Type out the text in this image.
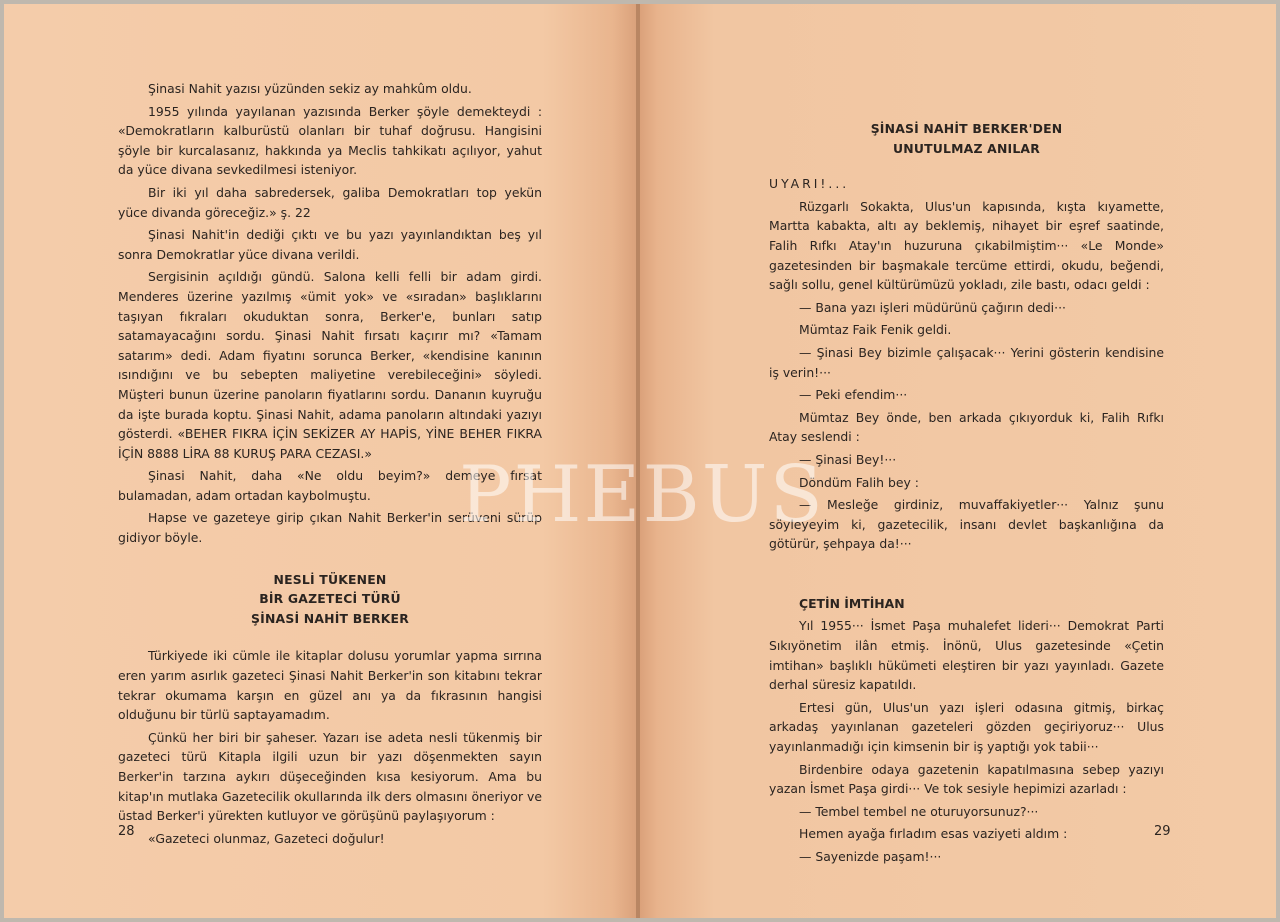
Şinasi Nahit yazısı yüzünden sekiz ay mahkûm oldu.

1955 yılında yayılanan yazısında Berker şöyle demekteydi : «Demokratların kalburüstü olanları bir tuhaf doğrusu. Hangisini şöyle bir kurcalasanız, hakkında ya Meclis tahkikatı açılıyor, yahut da yüce divana sevkedilmesi isteniyor.

Bir iki yıl daha sabredersek, galiba Demokratları top yekün yüce divanda göreceğiz.» ş. 22

Şinasi Nahit'in dediği çıktı ve bu yazı yayınlandıktan beş yıl sonra Demokratlar yüce divana verildi.

Sergisinin açıldığı gündü. Salona kelli felli bir adam girdi. Menderes üzerine yazılmış «ümit yok» ve «sıradan» başlıklarını taşıyan fıkraları okuduktan sonra, Berker'e, bunları satıp satamayacağını sordu. Şinasi Nahit fırsatı kaçırır mı? «Tamam satarım» dedi. Adam fiyatını sorunca Berker, «kendisine kanının ısındığını ve bu sebepten maliyetine verebileceğini» söyledi. Müşteri bunun üzerine panoların fiyatlarını sordu. Dananın kuyruğu da işte burada koptu. Şinasi Nahit, adama panoların altındaki yazıyı gösterdi. «BEHER FIKRA İÇİN SEKİZER AY HAPİS, YİNE BEHER FIKRA İÇİN 8888 LİRA 88 KURUŞ PARA CEZASI.»

Şinasi Nahit, daha «Ne oldu beyim?» demeye fırsat bulamadan, adam ortadan kaybolmuştu.

Hapse ve gazeteye girip çıkan Nahit Berker'in serüveni sürüp gidiyor böyle.

NESLİ TÜKENEN
BİR GAZETECİ TÜRÜ
ŞİNASİ NAHİT BERKER

Türkiyede iki cümle ile kitaplar dolusu yorumlar yapma sırrına eren yarım asırlık gazeteci Şinasi Nahit Berker'in son kitabını tekrar tekrar okumama karşın en güzel anı ya da fıkrasının hangisi olduğunu bir türlü saptayamadım.

Çünkü her biri bir şaheser. Yazarı ise adeta nesli tükenmiş bir gazeteci türü Kitapla ilgili uzun bir yazı döşenmekten sayın Berker'in tarzına aykırı düşeceğinden kısa kesiyorum. Ama bu kitap'ın mutlaka Gazetecilik okullarında ilk ders olmasını öneriyor ve üstad Berker'i yürekten kutluyor ve görüşünü paylaşıyorum :

«Gazeteci olunmaz, Gazeteci doğulur!

28
ŞİNASİ NAHİT BERKER'DEN
UNUTULMAZ ANILAR

UYARI!...

Rüzgarlı Sokakta, Ulus'un kapısında, kışta kıyamette, Martta kabakta, altı ay beklemiş, nihayet bir eşref saatinde, Falih Rıfkı Atay'ın huzuruna çıkabilmiştim··· «Le Monde» gazetesinden bir başmakale tercüme ettirdi, okudu, beğendi, sağlı sollu, genel kültürümüzü yokladı, zile bastı, odacı geldi :

— Bana yazı işleri müdürünü çağırın dedi···

Mümtaz Faik Fenik geldi.

— Şinasi Bey bizimle çalışacak··· Yerini gösterin kendisine iş verin!···

— Peki efendim···

Mümtaz Bey önde, ben arkada çıkıyorduk ki, Falih Rıfkı Atay seslendi :

— Şinasi Bey!···

Döndüm Falih bey :

— Mesleğe girdiniz, muvaffakiyetler··· Yalnız şunu söyleyeyim ki, gazetecilik, insanı devlet başkanlığına da götürür, şehpaya da!···

ÇETİN İMTİHAN

Yıl 1955··· İsmet Paşa muhalefet lideri··· Demokrat Parti Sıkıyönetim ilân etmiş. İnönü, Ulus gazetesinde «Çetin imtihan» başlıklı hükümeti eleştiren bir yazı yayınladı. Gazete derhal süresiz kapatıldı.

Ertesi gün, Ulus'un yazı işleri odasına gitmiş, birkaç arkadaş yayınlanan gazeteleri gözden geçiriyoruz··· Ulus yayınlanmadığı için kimsenin bir iş yaptığı yok tabii···

Birdenbire odaya gazetenin kapatılmasına sebep yazıyı yazan İsmet Paşa girdi··· Ve tok sesiyle hepimizi azarladı :

— Tembel tembel ne oturuyorsunuz?···

Hemen ayağa fırladım esas vaziyeti aldım :

— Sayenizde paşam!···

29
PHEBUS
